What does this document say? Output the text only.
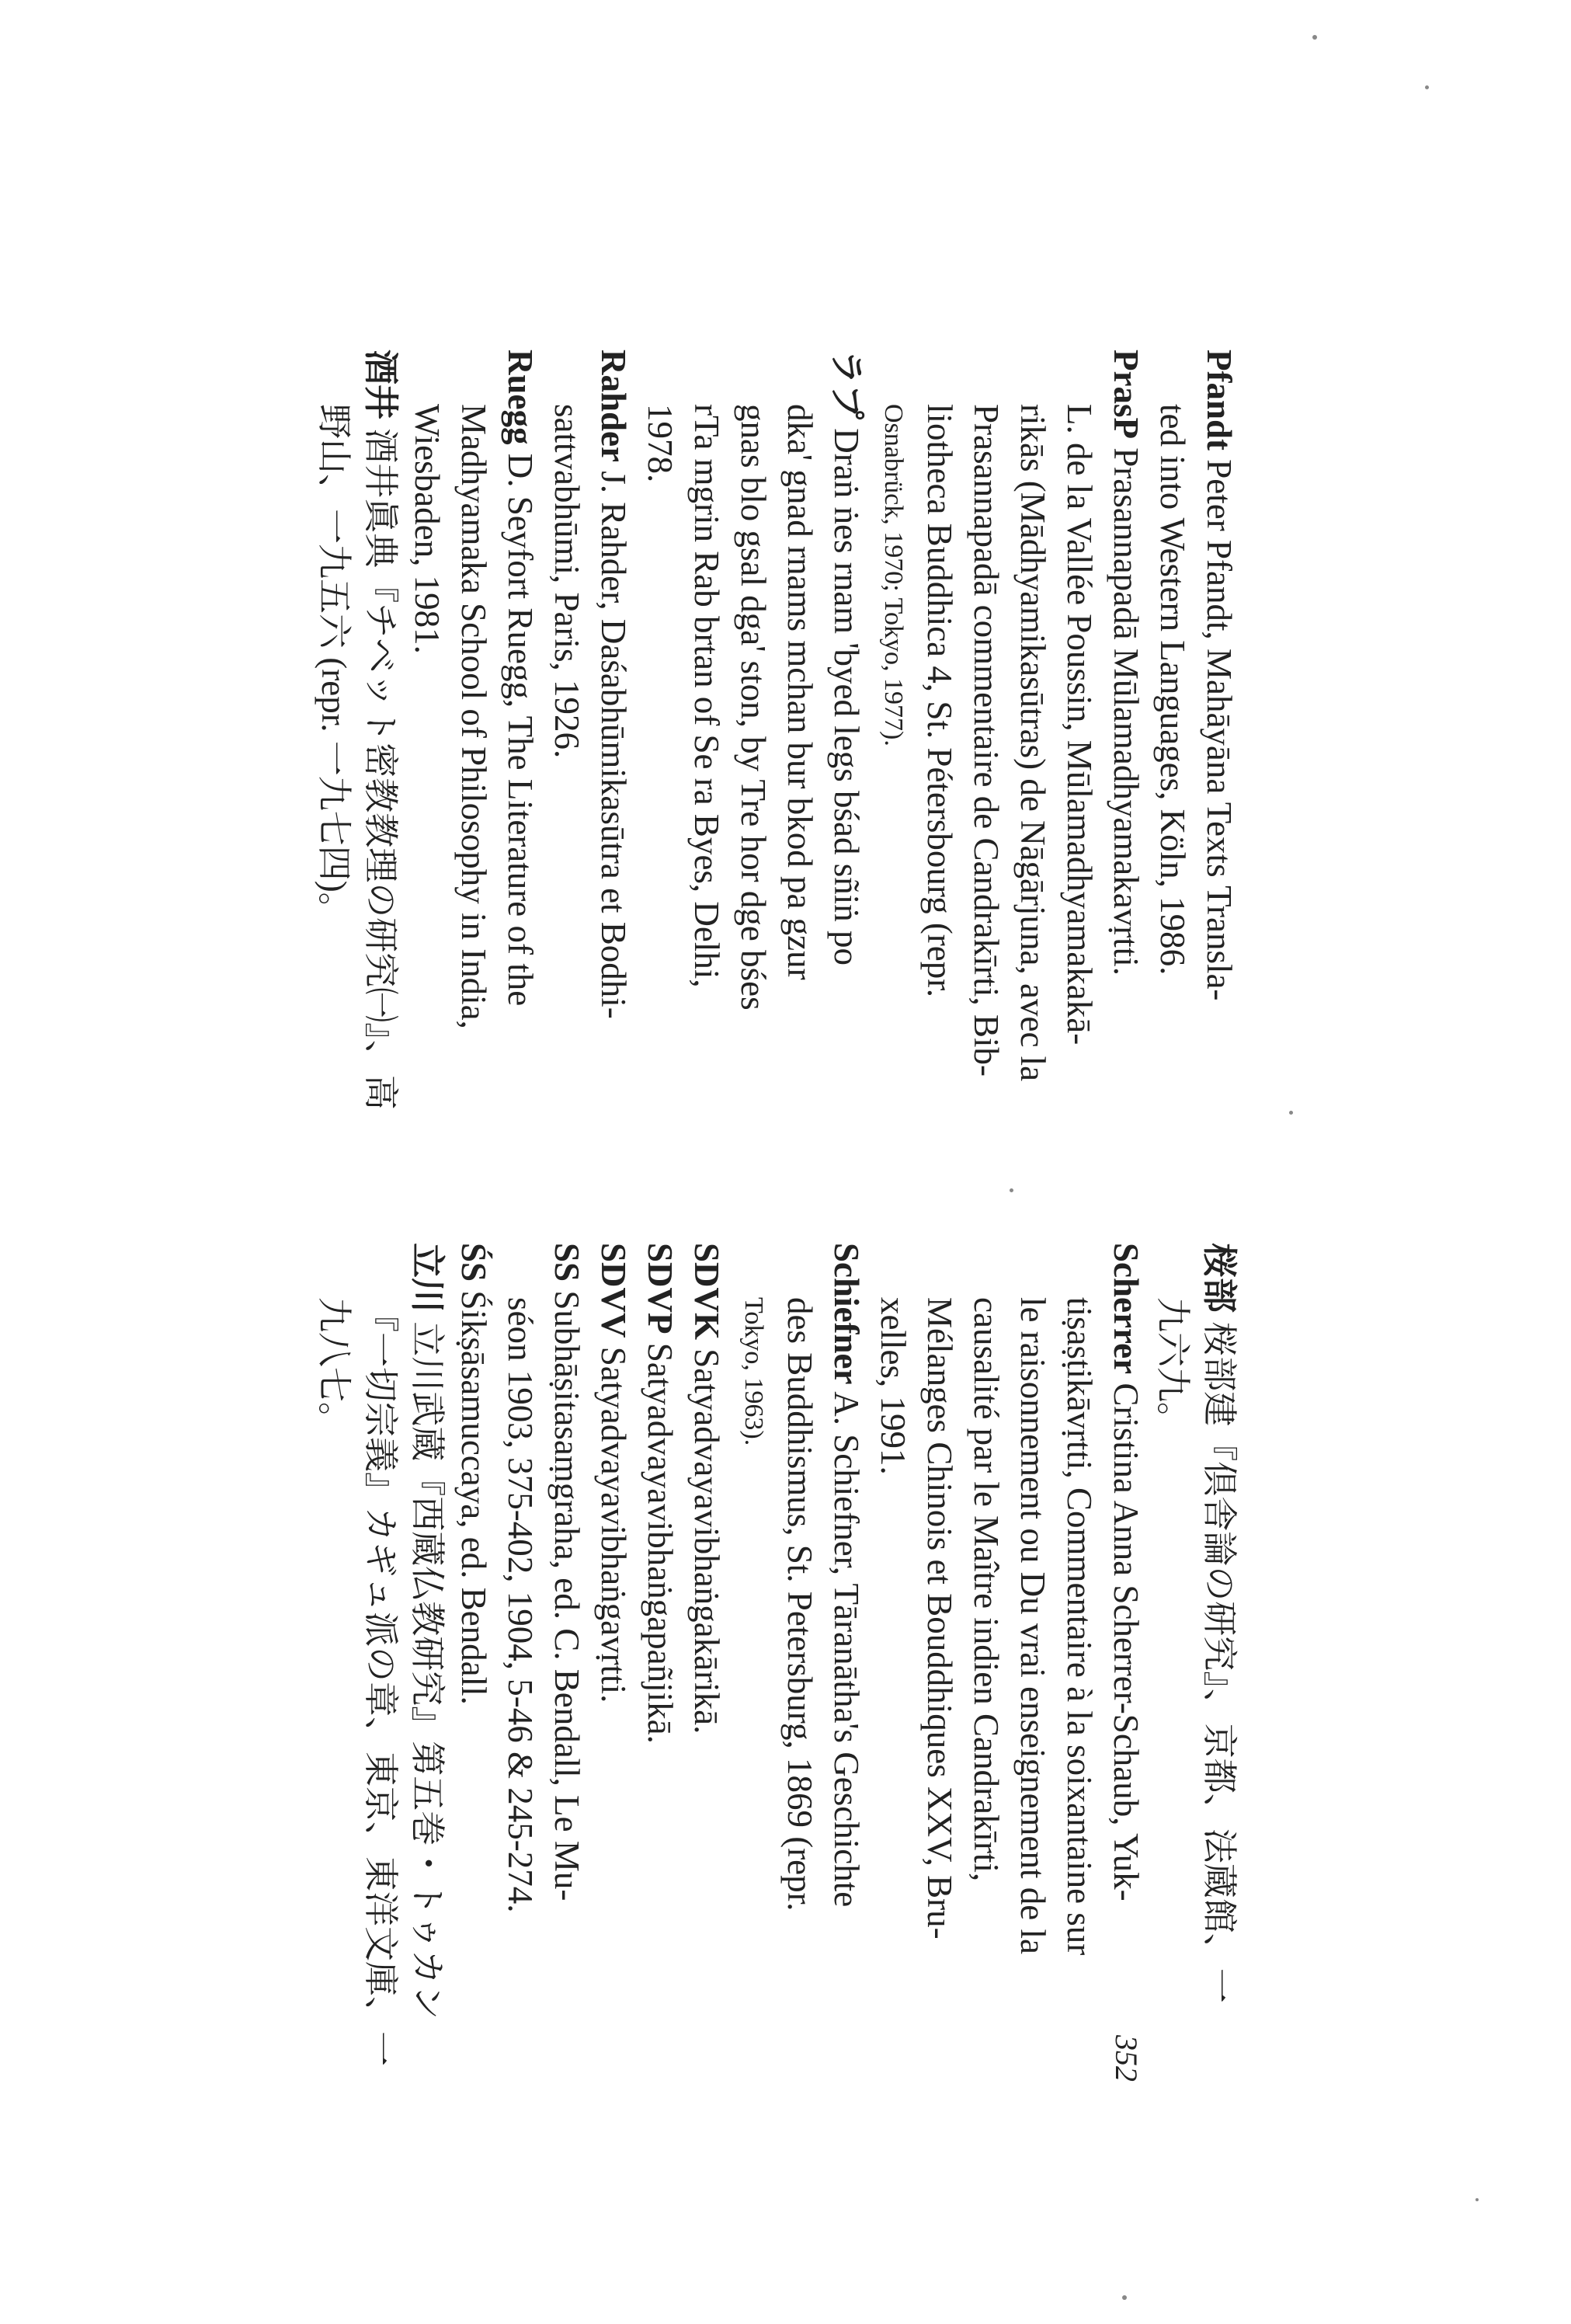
Pfandt Peter Pfandt, Mahāyāna Texts Transla-
ted into Western Languages, Köln, 1986.
PrasP Prasannapadā Mūlamadhyamakavṛtti.
L. de la Vallée Poussin, Mūlamadhyamakakā-
rikās (Mādhyamikasūtras) de Nāgārjuna, avec la
Prasannapadā commentaire de Candrakīrti, Bib-
liotheca Buddhica 4, St. Pétersbourg (repr.
Osnabrück, 1970; Tokyo, 1977).
ラプ Draṅ ṅes rnam 'byed legs bśad sñiṅ po
dka' gnad rnams mchan bur bkod pa gzur
gnas blo gsal dga' ston, by Tre hor dge bśes
rTa mgrin Rab brtan of Se ra Byes, Delhi,
1978.
Rahder J. Rahder, Daśabhūmikasūtra et Bodhi-
sattvabhūmi, Paris, 1926.
Ruegg D. Seyfort Ruegg, The Literature of the
Madhyamaka School of Philosophy in India,
Wiesbaden, 1981.
酒井 酒井眞典『チベット密教教理の研究㈠』、高
野山、一九五六 (repr. 一九七四)。
桜部 桜部建『倶舎論の研究』、京都、法蔵館、一
九六九。
Scherrer Cristina Anna Scherrer-Schaub, Yuk-
tiṣaṣṭikāvṛtti, Commentaire à la soixantaine sur
le raisonnement ou Du vrai enseignement de la
causalité par le Maître indien Candrakīrti,
Mélanges Chinois et Bouddhiques XXV, Bru-
xelles, 1991.
Schiefner A. Schiefner, Tāranātha's Geschichte
des Buddhismus, St. Petersburg, 1869 (repr.
Tokyo, 1963).
SDVK Satyadvayavibhaṅgakārikā.
SDVP Satyadvayavibhaṅgapañjikā.
SDVV Satyadvayavibhaṅgavṛtti.
SS Subhāṣitasaṃgraha, ed. C. Bendall, Le Mu-
séon 1903, 375-402, 1904, 5-46 & 245-274.
ŚS Śikṣāsamuccaya, ed. Bendall.
立川 立川武蔵『西蔵仏教研究』第五巻・トゥカン
『一切宗義』カギュ派の章、東京、東洋文庫、一
九八七。
352
